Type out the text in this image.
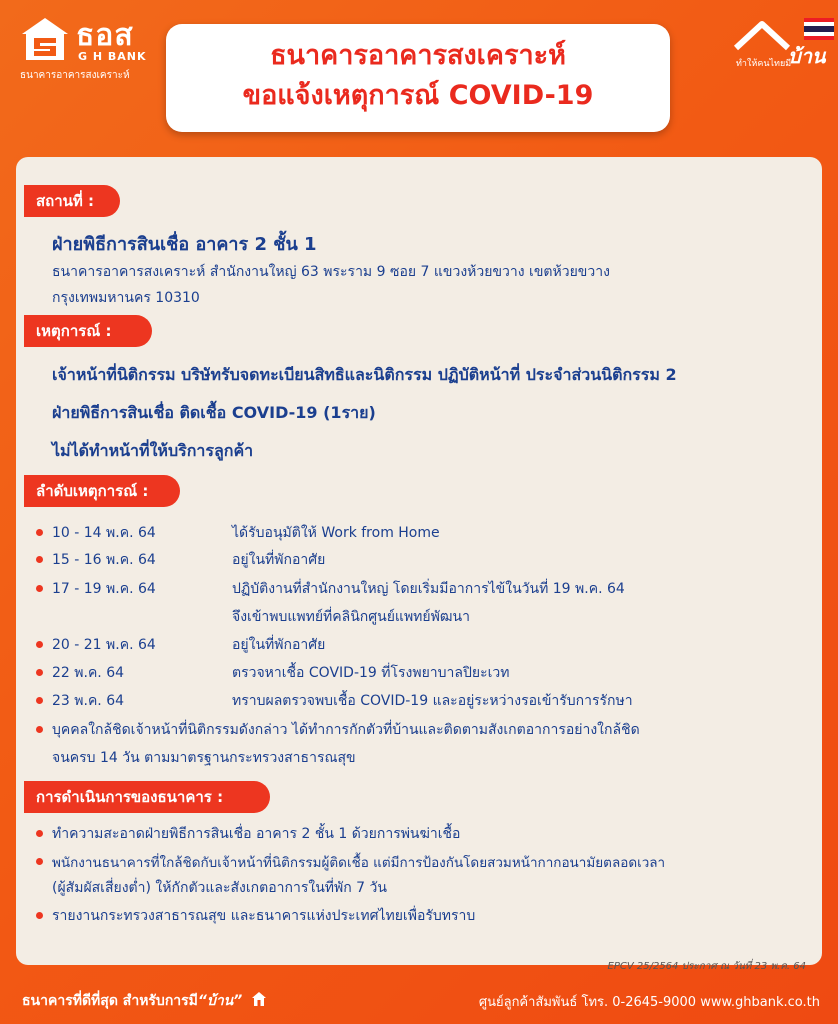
ธอส
G H BANK
ธนาคารอาคารสงเคราะห์
ธนาคารอาคารสงเคราะห์
ขอแจ้งเหตุการณ์ COVID-19
ทำให้คนไทยมี
บ้าน
สถานที่ :
ฝ่ายพิธีการสินเชื่อ อาคาร 2 ชั้น 1
ธนาคารอาคารสงเคราะห์ สำนักงานใหญ่ 63 พระราม 9 ซอย 7 แขวงห้วยขวาง เขตห้วยขวาง
กรุงเทพมหานคร 10310
เหตุการณ์ :
เจ้าหน้าที่นิติกรรม บริษัทรับจดทะเบียนสิทธิและนิติกรรม ปฏิบัติหน้าที่ ประจำส่วนนิติกรรม 2
ฝ่ายพิธีการสินเชื่อ ติดเชื้อ COVID-19 (1ราย)
ไม่ได้ทำหน้าที่ให้บริการลูกค้า
ลำดับเหตุการณ์ :
10 - 14 พ.ค. 64	ได้รับอนุมัติให้ Work from Home
15 - 16 พ.ค. 64	อยู่ในที่พักอาศัย
17 - 19 พ.ค. 64	ปฏิบัติงานที่สำนักงานใหญ่ โดยเริ่มมีอาการไข้ในวันที่ 19 พ.ค. 64
จึงเข้าพบแพทย์ที่คลินิกศูนย์แพทย์พัฒนา
20 - 21 พ.ค. 64	อยู่ในที่พักอาศัย
22 พ.ค. 64	ตรวจหาเชื้อ COVID-19 ที่โรงพยาบาลปิยะเวท
23 พ.ค. 64	ทราบผลตรวจพบเชื้อ COVID-19 และอยู่ระหว่างรอเข้ารับการรักษา
บุคคลใกล้ชิดเจ้าหน้าที่นิติกรรมดังกล่าว ได้ทำการกักตัวที่บ้านและติดตามสังเกตอาการอย่างใกล้ชิด
จนครบ 14 วัน ตามมาตรฐานกระทรวงสาธารณสุข
การดำเนินการของธนาคาร :
ทำความสะอาดฝ่ายพิธีการสินเชื่อ อาคาร 2 ชั้น 1 ด้วยการพ่นฆ่าเชื้อ
พนักงานธนาคารที่ใกล้ชิดกับเจ้าหน้าที่นิติกรรมผู้ติดเชื้อ แต่มีการป้องกันโดยสวมหน้ากากอนามัยตลอดเวลา
(ผู้สัมผัสเสี่ยงต่ำ) ให้กักตัวและสังเกตอาการในที่พัก 7 วัน
รายงานกระทรวงสาธารณสุข และธนาคารแห่งประเทศไทยเพื่อรับทราบ
EPCV 25/2564 ประกาศ ณ วันที่ 23 พ.ค. 64
ธนาคารที่ดีที่สุด สำหรับการมี“บ้าน”	ศูนย์ลูกค้าสัมพันธ์ โทร. 0-2645-9000 www.ghbank.co.th
